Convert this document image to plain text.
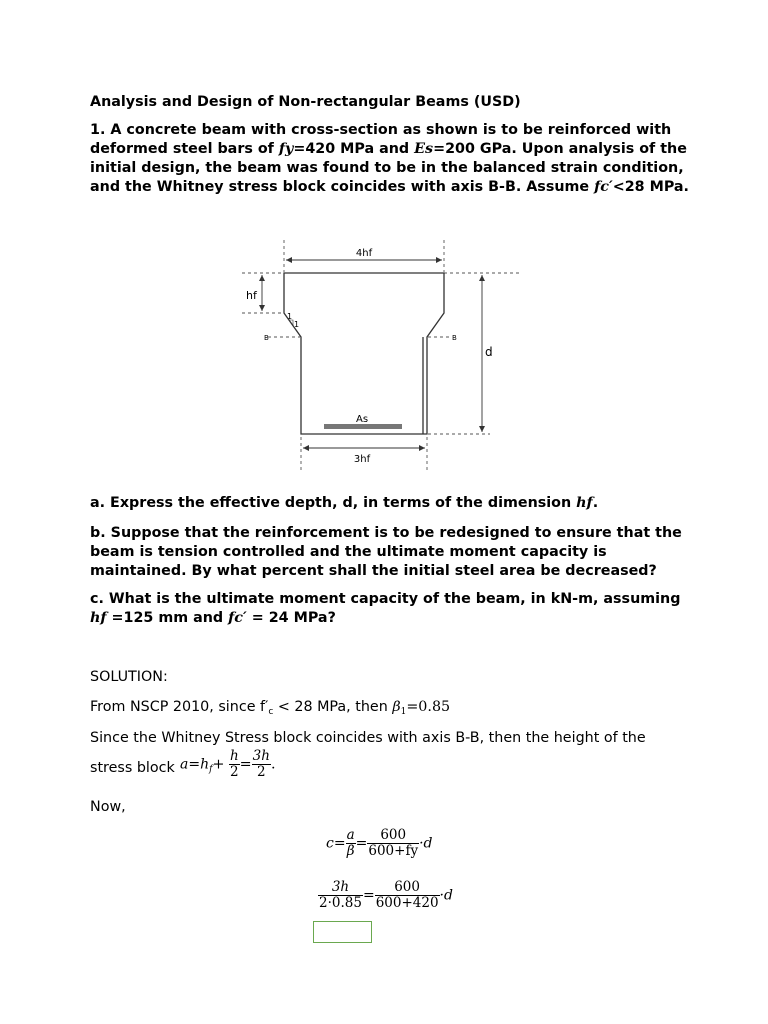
Analysis and Design of Non-rectangular Beams (USD)
1. A concrete beam with cross-section as shown is to be reinforced with deformed steel bars of fy=420 MPa and Es=200 GPa. Upon analysis of the initial design, the beam was found to be in the balanced strain condition, and the Whitney stress block coincides with axis B-B. Assume fc′<28 MPa.
4hf
hf
1
1
B	B
d
As
3hf
a. Express the effective depth, d, in terms of the dimension hf.
b. Suppose that the reinforcement is to be redesigned to ensure that the beam is tension controlled and the ultimate moment capacity is maintained. By what percent shall the initial steel area be decreased?
c. What is the ultimate moment capacity of the beam, in kN-m, assuming hf =125 mm and fc′ = 24 MPa?
SOLUTION:
From NSCP 2010, since $f'_c < 28$ MPa, then $\beta_1=0.85$
Since the Whitney Stress block coincides with axis B-B, then the height of the
stress block $a=h_f+ \frac{h}{2} = \frac{3h}{2}$ .
Now,
$c= \frac{a}{\beta} = \frac{600}{600+fy} \cdot d$
$\frac{3h}{2\cdot 0.85} = \frac{600}{600+420} \cdot d$
